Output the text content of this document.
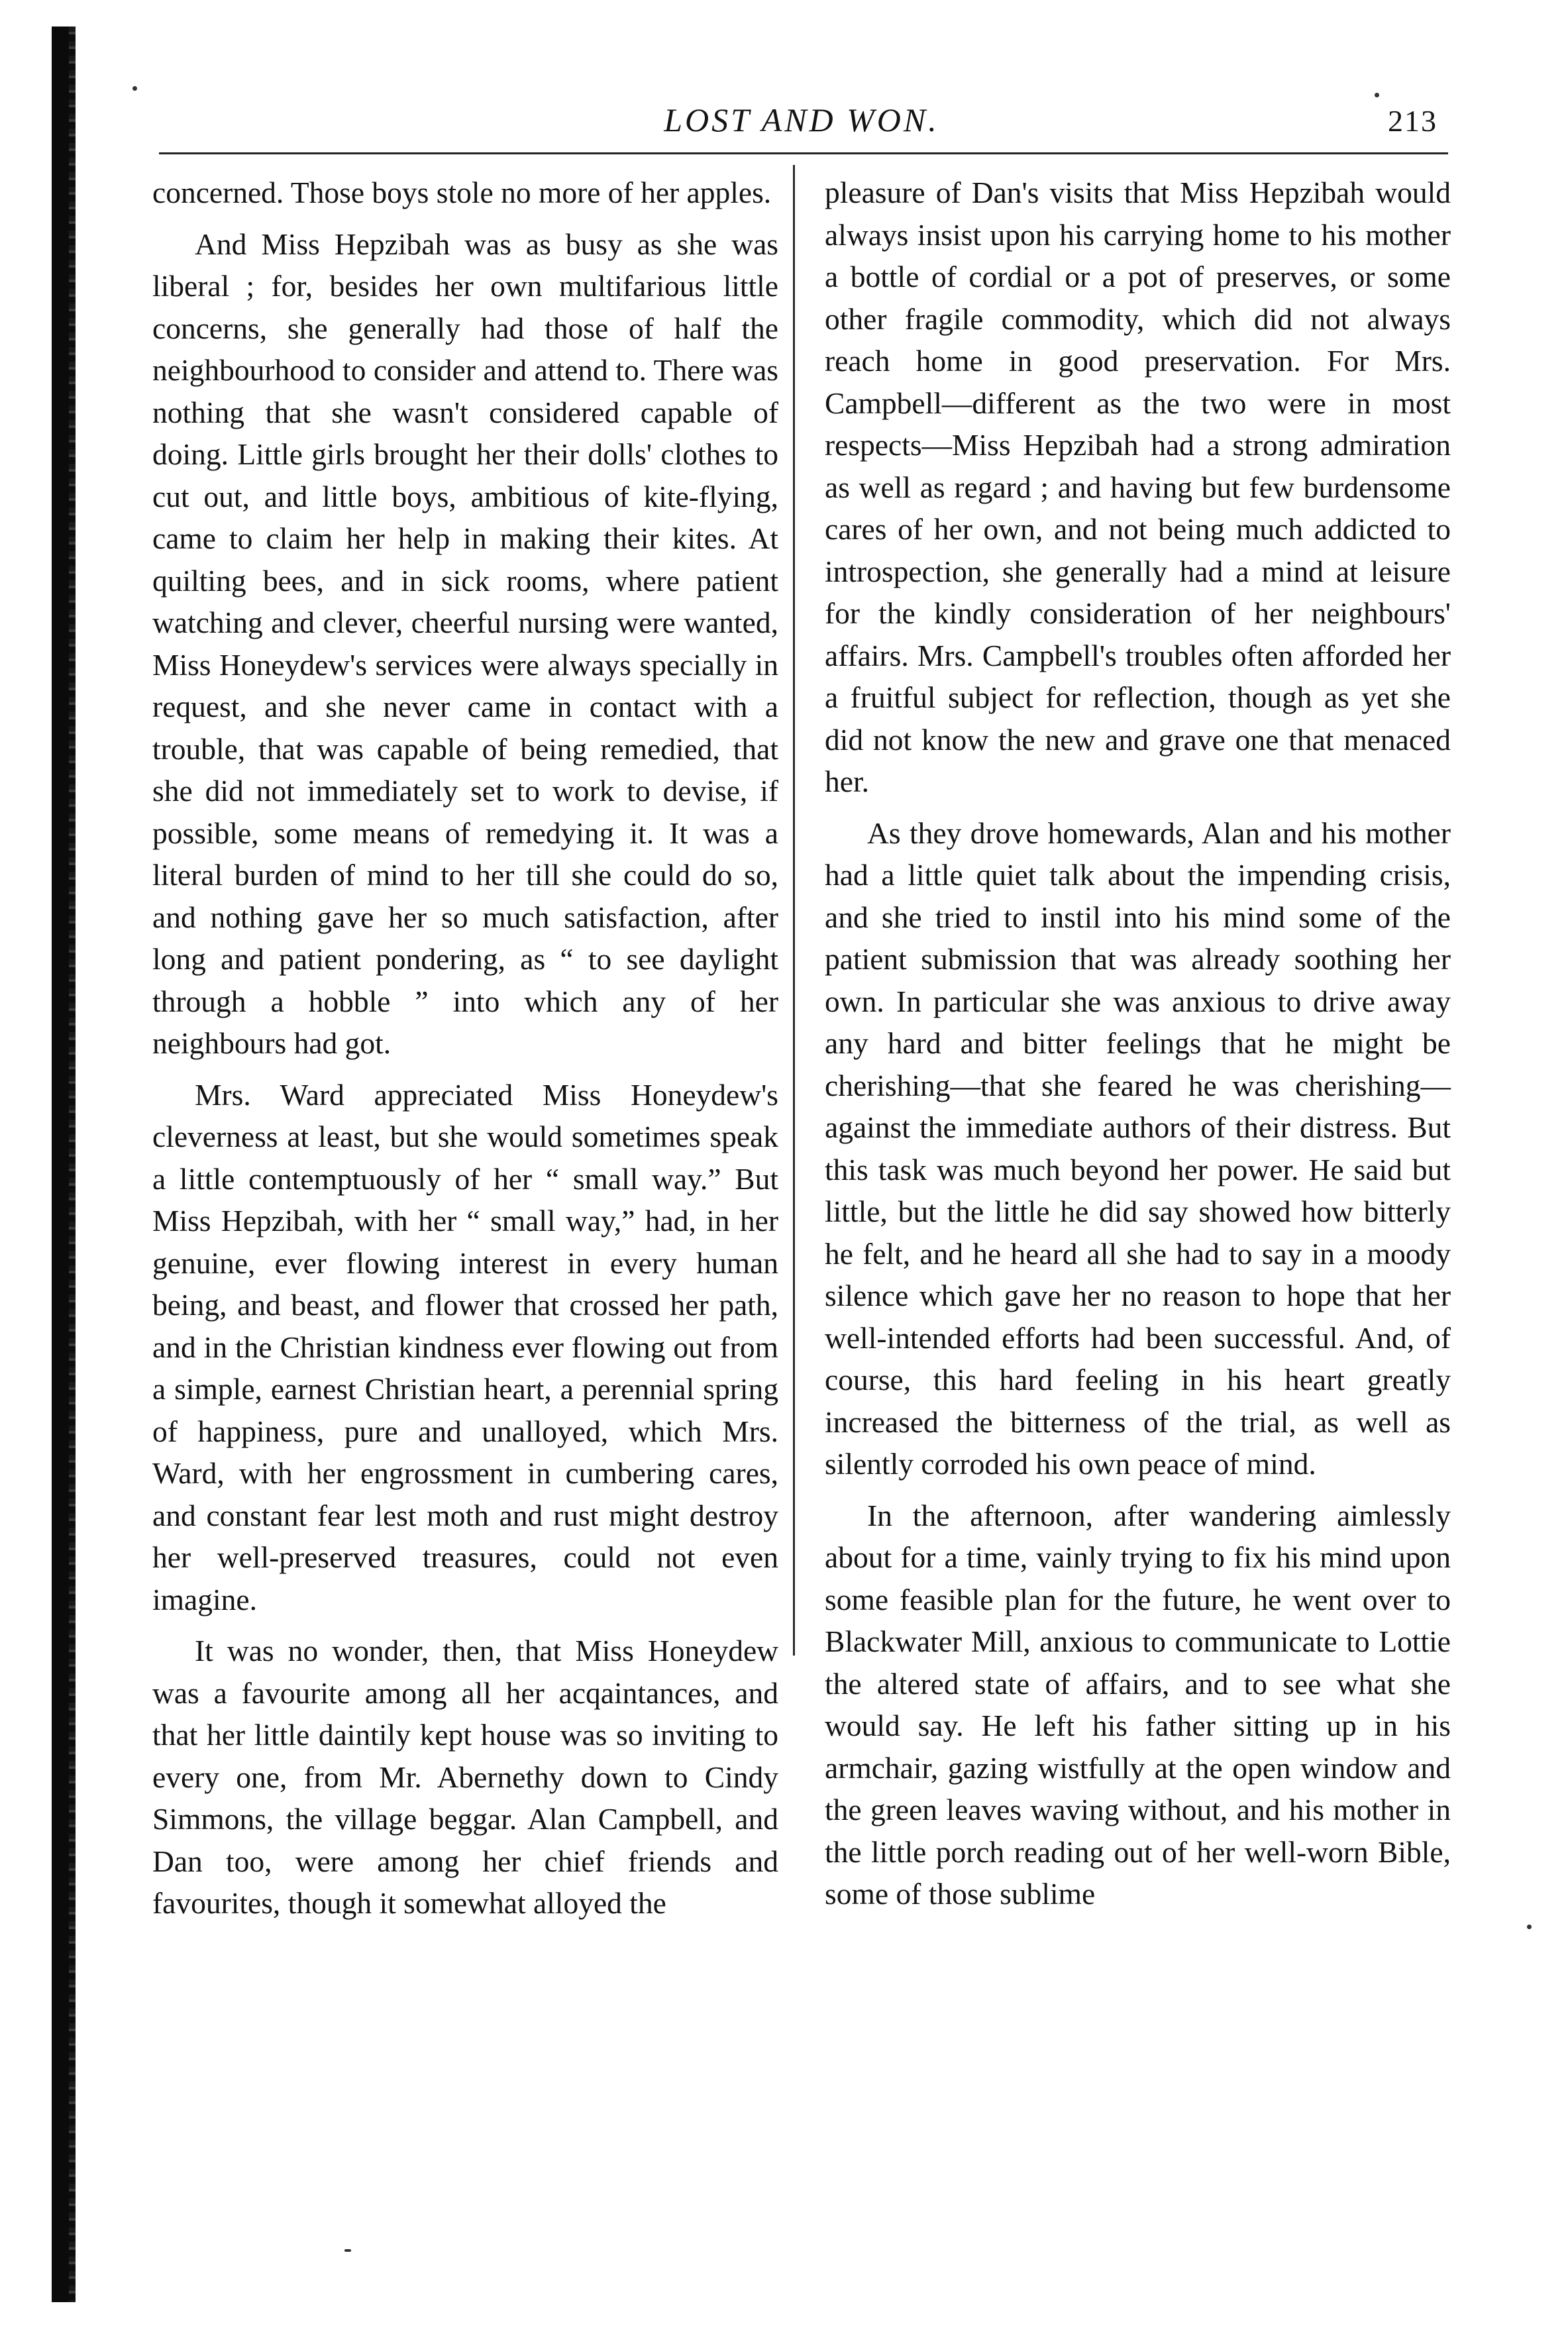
LOST AND WON.	213

concerned. Those boys stole no more of her apples.

And Miss Hepzibah was as busy as she was liberal ; for, besides her own multifarious little concerns, she generally had those of half the neighbourhood to consider and attend to. There was nothing that she wasn't considered capable of doing. Little girls brought her their dolls' clothes to cut out, and little boys, ambitious of kite-flying, came to claim her help in making their kites. At quilting bees, and in sick rooms, where patient watching and clever, cheerful nursing were wanted, Miss Honeydew's services were always specially in request, and she never came in contact with a trouble, that was capable of being remedied, that she did not immediately set to work to devise, if possible, some means of remedying it. It was a literal burden of mind to her till she could do so, and nothing gave her so much satisfaction, after long and patient pondering, as “ to see daylight through a hobble ” into which any of her neighbours had got.

Mrs. Ward appreciated Miss Honeydew's cleverness at least, but she would sometimes speak a little contemptuously of her “ small way.” But Miss Hepzibah, with her “ small way,” had, in her genuine, ever flowing interest in every human being, and beast, and flower that crossed her path, and in the Christian kindness ever flowing out from a simple, earnest Christian heart, a perennial spring of happiness, pure and unalloyed, which Mrs. Ward, with her engrossment in cumbering cares, and constant fear lest moth and rust might destroy her well-preserved treasures, could not even imagine.

It was no wonder, then, that Miss Honeydew was a favourite among all her acqaintances, and that her little daintily kept house was so inviting to every one, from Mr. Abernethy down to Cindy Simmons, the village beggar. Alan Campbell, and Dan too, were among her chief friends and favourites, though it somewhat alloyed the

pleasure of Dan's visits that Miss Hepzibah would always insist upon his carrying home to his mother a bottle of cordial or a pot of preserves, or some other fragile commodity, which did not always reach home in good preservation. For Mrs. Campbell—different as the two were in most respects—Miss Hepzibah had a strong admiration as well as regard ; and having but few burdensome cares of her own, and not being much addicted to introspection, she generally had a mind at leisure for the kindly consideration of her neighbours' affairs. Mrs. Campbell's troubles often afforded her a fruitful subject for reflection, though as yet she did not know the new and grave one that menaced her.

As they drove homewards, Alan and his mother had a little quiet talk about the impending crisis, and she tried to instil into his mind some of the patient submission that was already soothing her own. In particular she was anxious to drive away any hard and bitter feelings that he might be cherishing—that she feared he was cherishing—against the immediate authors of their distress. But this task was much beyond her power. He said but little, but the little he did say showed how bitterly he felt, and he heard all she had to say in a moody silence which gave her no reason to hope that her well-intended efforts had been successful. And, of course, this hard feeling in his heart greatly increased the bitterness of the trial, as well as silently corroded his own peace of mind.

In the afternoon, after wandering aimlessly about for a time, vainly trying to fix his mind upon some feasible plan for the future, he went over to Blackwater Mill, anxious to communicate to Lottie the altered state of affairs, and to see what she would say. He left his father sitting up in his armchair, gazing wistfully at the open window and the green leaves waving without, and his mother in the little porch reading out of her well-worn Bible, some of those sublime
